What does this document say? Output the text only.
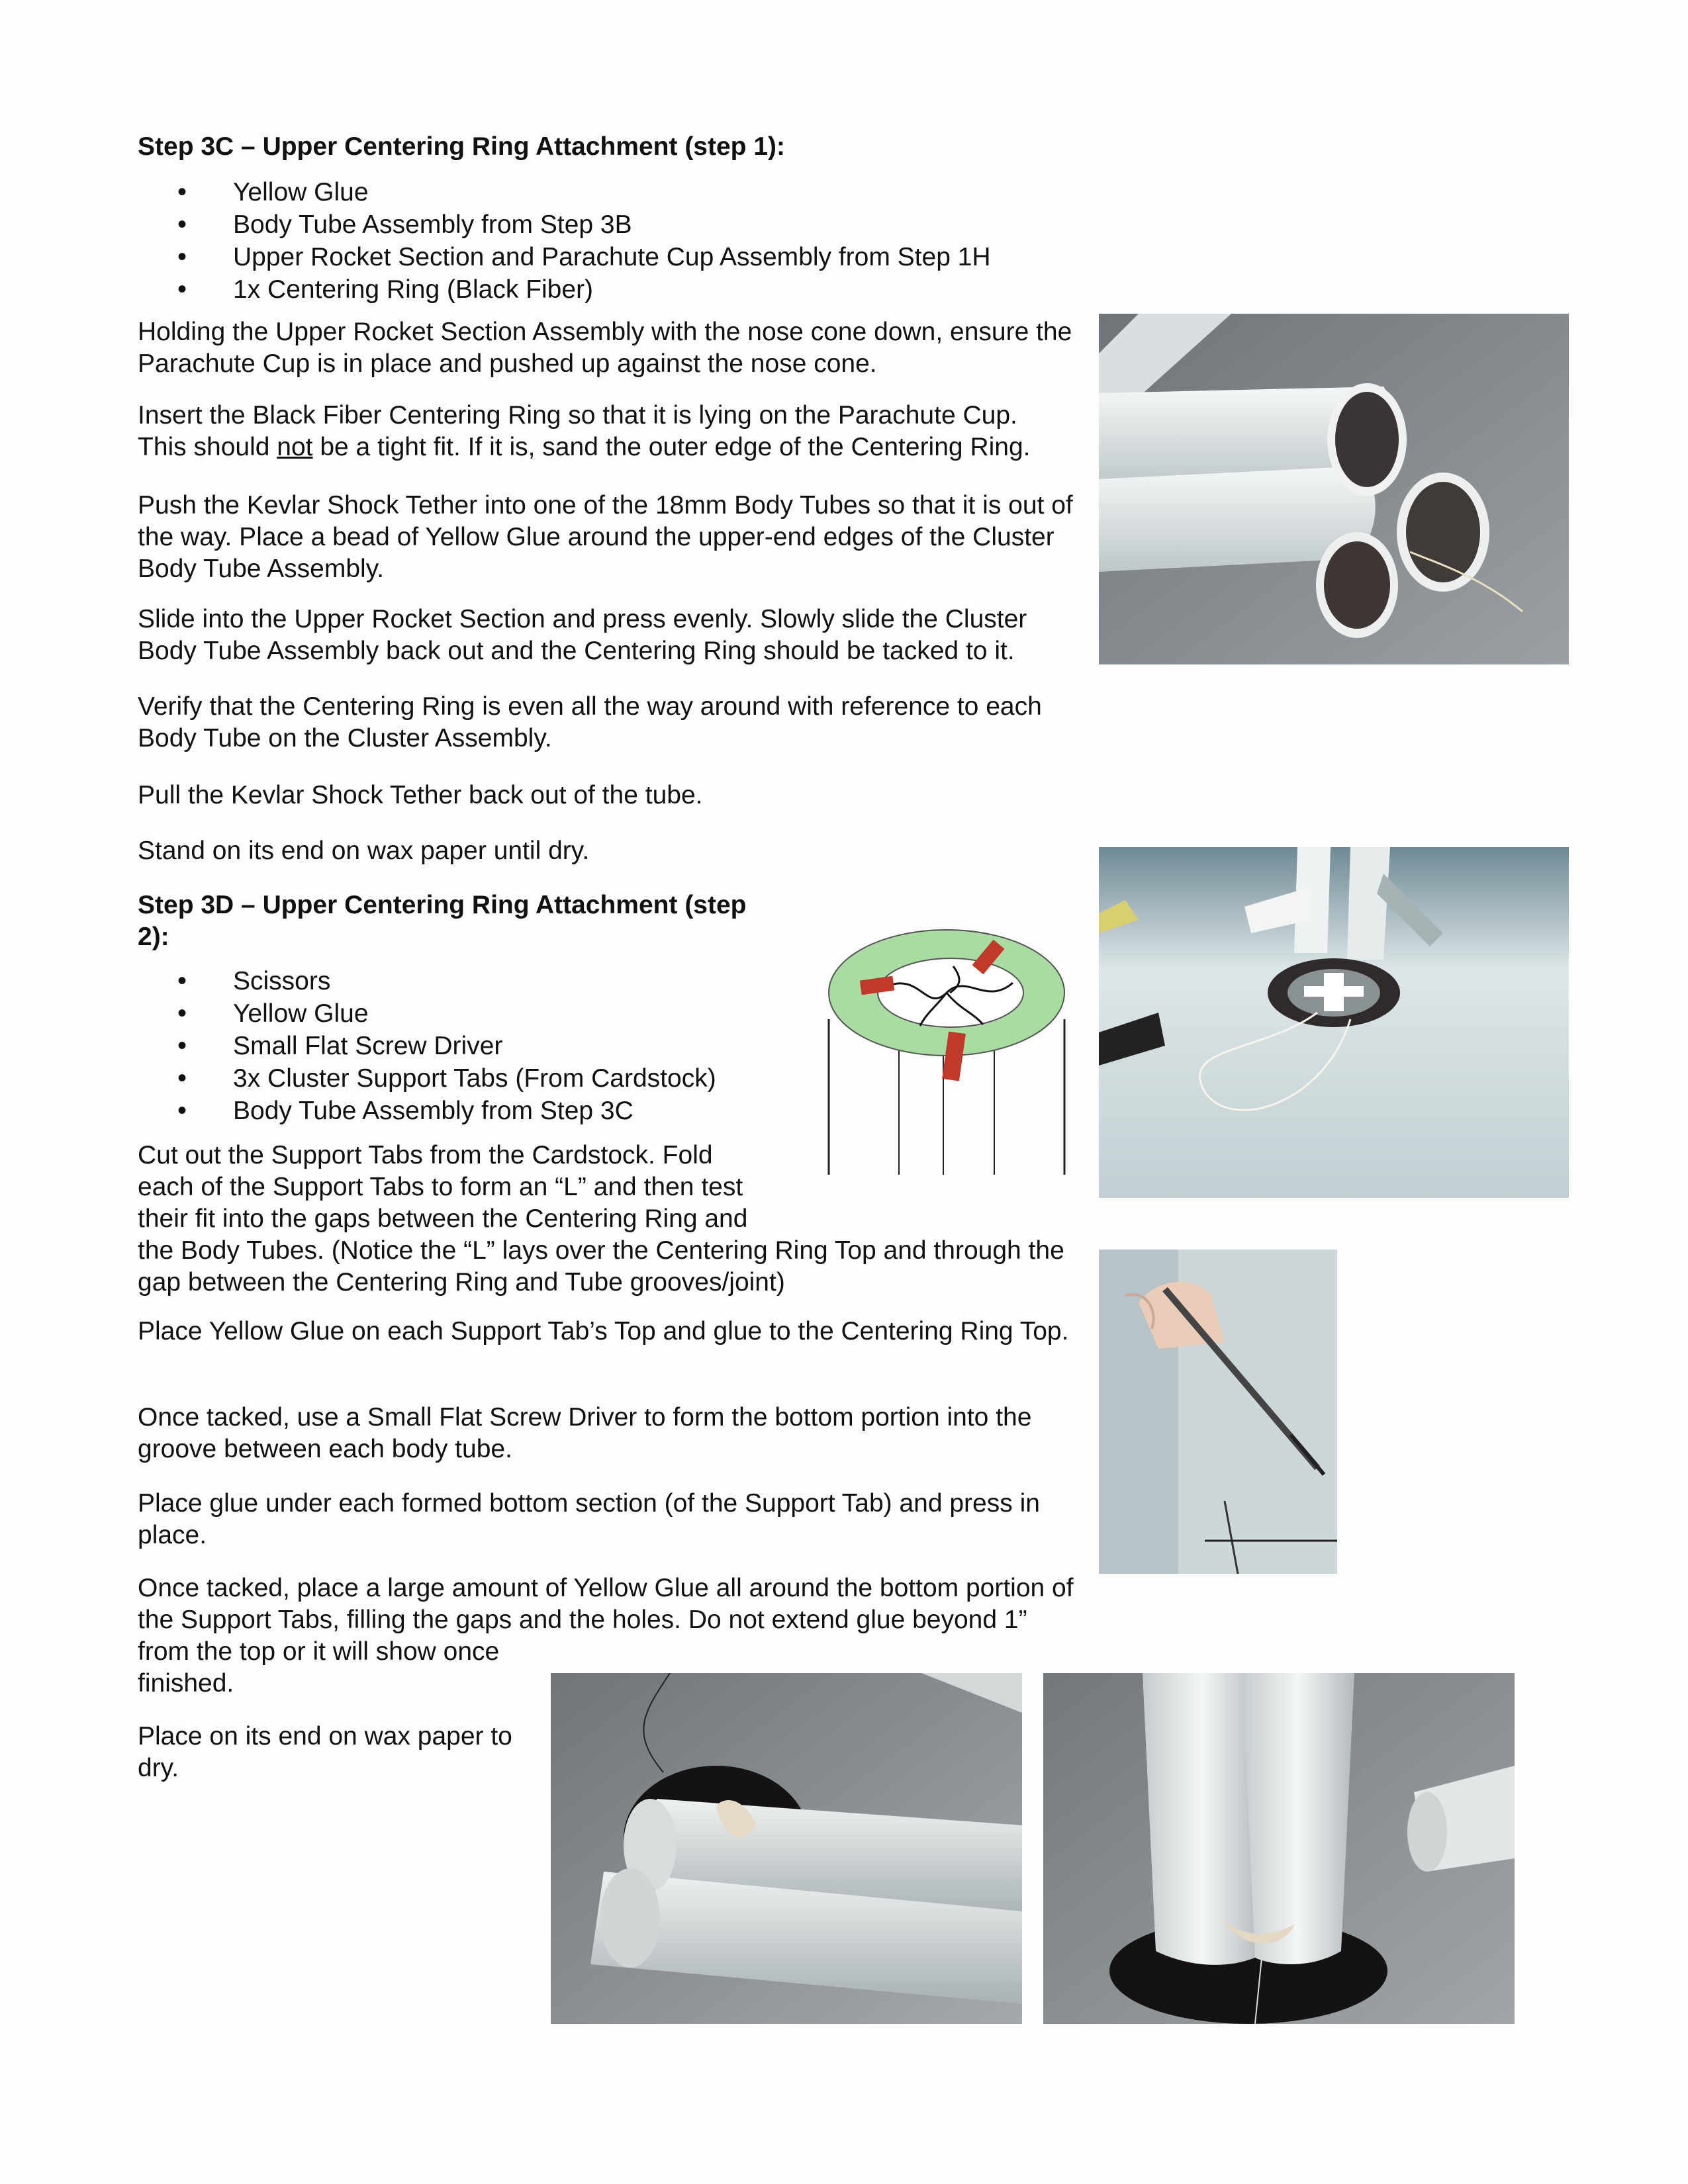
Step 3C – Upper Centering Ring Attachment (step 1):
• Yellow Glue
• Body Tube Assembly from Step 3B
• Upper Rocket Section and Parachute Cup Assembly from Step 1H
• 1x Centering Ring (Black Fiber)

Holding the Upper Rocket Section Assembly with the nose cone down, ensure the Parachute Cup is in place and pushed up against the nose cone.

Insert the Black Fiber Centering Ring so that it is lying on the Parachute Cup. This should not be a tight fit. If it is, sand the outer edge of the Centering Ring.

Push the Kevlar Shock Tether into one of the 18mm Body Tubes so that it is out of the way. Place a bead of Yellow Glue around the upper-end edges of the Cluster Body Tube Assembly.

Slide into the Upper Rocket Section and press evenly. Slowly slide the Cluster Body Tube Assembly back out and the Centering Ring should be tacked to it.

Verify that the Centering Ring is even all the way around with reference to each Body Tube on the Cluster Assembly.

Pull the Kevlar Shock Tether back out of the tube.

Stand on its end on wax paper until dry.

Step 3D – Upper Centering Ring Attachment (step 2):
• Scissors
• Yellow Glue
• Small Flat Screw Driver
• 3x Cluster Support Tabs (From Cardstock)
• Body Tube Assembly from Step 3C

Cut out the Support Tabs from the Cardstock. Fold each of the Support Tabs to form an “L” and then test their fit into the gaps between the Centering Ring and

the Body Tubes. (Notice the “L” lays over the Centering Ring Top and through the gap between the Centering Ring and Tube grooves/joint)

Place Yellow Glue on each Support Tab’s Top and glue to the Centering Ring Top.

Once tacked, use a Small Flat Screw Driver to form the bottom portion into the groove between each body tube.

Place glue under each formed bottom section (of the Support Tab) and press in place.

Once tacked, place a large amount of Yellow Glue all around the bottom portion of the Support Tabs, filling the gaps and the holes. Do not extend glue beyond 1”

from the top or it will show once finished.

Place on its end on wax paper to dry.
